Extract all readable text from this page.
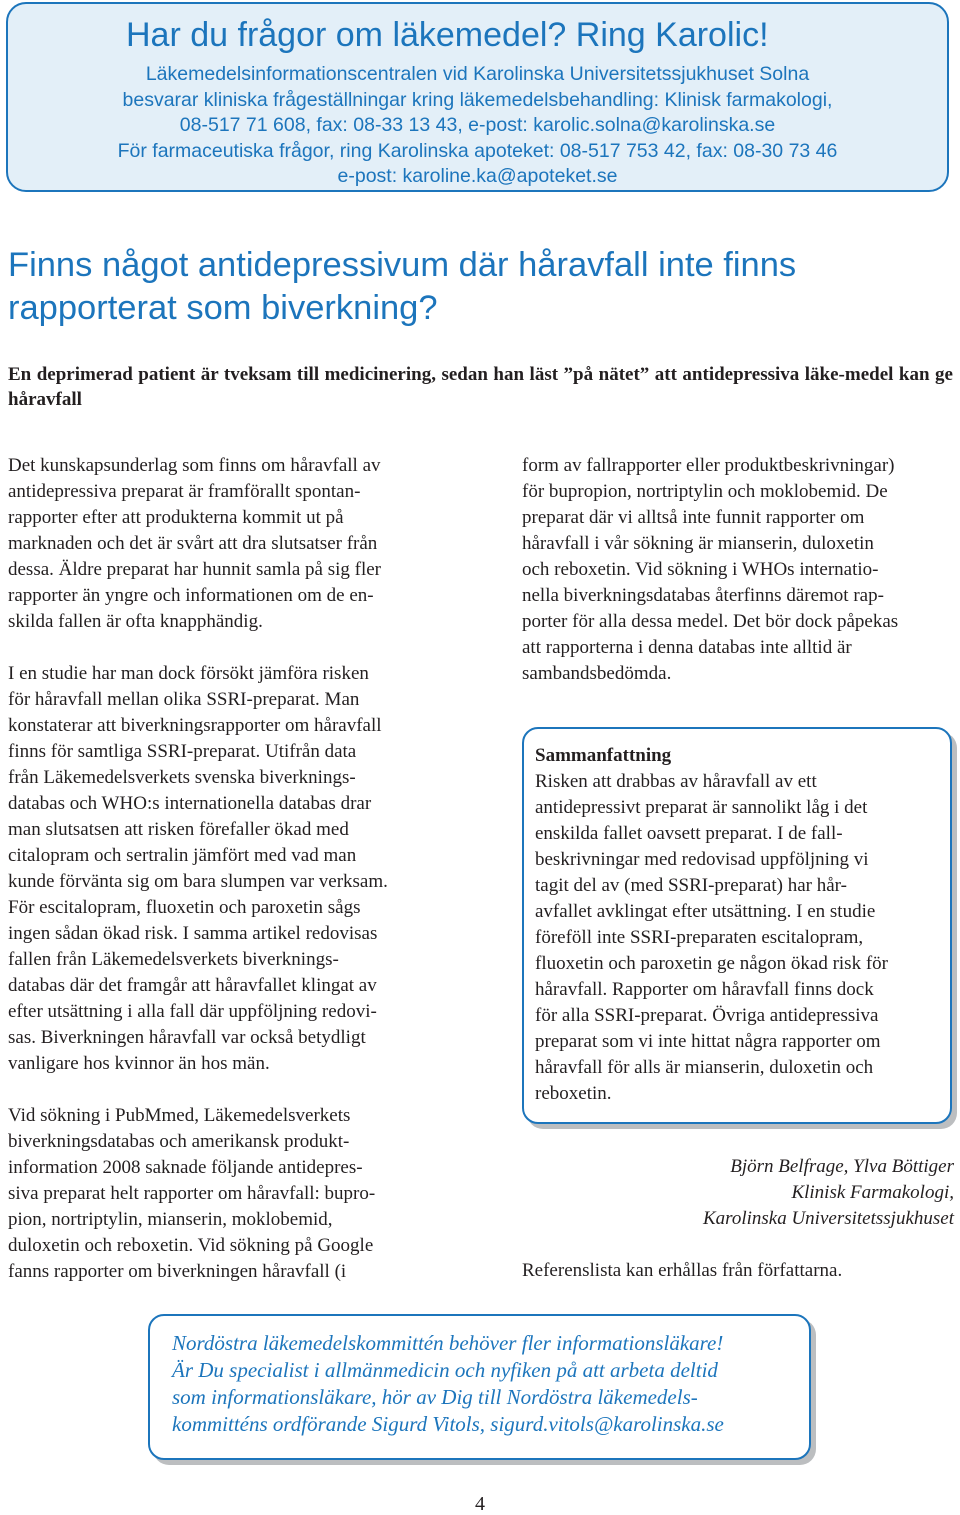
Har du frågor om läkemedel? Ring Karolic!
Läkemedelsinformationscentralen vid Karolinska Universitetssjukhuset Solna
besvarar kliniska frågeställningar kring läkemedelsbehandling: Klinisk farmakologi,
08-517 71 608, fax: 08-33 13 43, e-post: karolic.solna@karolinska.se
För farmaceutiska frågor, ring Karolinska apoteket: 08-517 753 42, fax: 08-30 73 46
e-post: karoline.ka@apoteket.se
Finns något antidepressivum där håravfall inte finns rapporterat som biverkning?
En deprimerad patient är tveksam till medicinering, sedan han läst ”på nätet” att antidepressiva läke-medel kan ge håravfall

Det kunskapsunderlag som finns om håravfall av
antidepressiva preparat är framförallt spontan-
rapporter efter att produkterna kommit ut på
marknaden och det är svårt att dra slutsatser från
dessa. Äldre preparat har hunnit samla på sig fler
rapporter än yngre och informationen om de en-
skilda fallen är ofta knapphändig.

I en studie har man dock försökt jämföra risken
för håravfall mellan olika SSRI-preparat. Man
konstaterar att biverkningsrapporter om håravfall
finns för samtliga SSRI-preparat. Utifrån data
från Läkemedelsverkets svenska biverknings-
databas och WHO:s internationella databas drar
man slutsatsen att risken förefaller ökad med
citalopram och sertralin jämfört med vad man
kunde förvänta sig om bara slumpen var verksam.
För escitalopram, fluoxetin och paroxetin sågs
ingen sådan ökad risk. I samma artikel redovisas
fallen från Läkemedelsverkets biverknings-
databas där det framgår att håravfallet klingat av
efter utsättning i alla fall där uppföljning redovi-
sas. Biverkningen håravfall var också betydligt
vanligare hos kvinnor än hos män.

Vid sökning i PubMmed, Läkemedelsverkets
biverkningsdatabas och amerikansk produkt-
information 2008 saknade följande antidepres-
siva preparat helt rapporter om håravfall: bupro-
pion, nortriptylin, mianserin, moklobemid,
duloxetin och reboxetin. Vid sökning på Google
fanns rapporter om biverkningen håravfall (i

form av fallrapporter eller produktbeskrivningar)
för bupropion, nortriptylin och moklobemid. De
preparat där vi alltså inte funnit rapporter om
håravfall i vår sökning är mianserin, duloxetin
och reboxetin. Vid sökning i WHOs internatio-
nella biverkningsdatabas återfinns däremot rap-
porter för alla dessa medel. Det bör dock påpekas
att rapporterna i denna databas inte alltid är
sambandsbedömda.

Sammanfattning
Risken att drabbas av håravfall av ett
antidepressivt preparat är sannolikt låg i det
enskilda fallet oavsett preparat. I de fall-
beskrivningar med redovisad uppföljning vi
tagit del av (med SSRI-preparat) har hår-
avfallet avklingat efter utsättning. I en studie
föreföll inte SSRI-preparaten escitalopram,
fluoxetin och paroxetin ge någon ökad risk för
håravfall. Rapporter om håravfall finns dock
för alla SSRI-preparat. Övriga antidepressiva
preparat som vi inte hittat några rapporter om
håravfall för alls är mianserin, duloxetin och
reboxetin.
Björn Belfrage, Ylva Böttiger
Klinisk Farmakologi,
Karolinska Universitetssjukhuset
Referenslista kan erhållas från författarna.
Nordöstra läkemedelskommittén behöver fler informationsläkare!
Är Du specialist i allmänmedicin och nyfiken på att arbeta deltid
som informationsläkare, hör av Dig till Nordöstra läkemedels-
kommitténs ordförande Sigurd Vitols, sigurd.vitols@karolinska.se
4
